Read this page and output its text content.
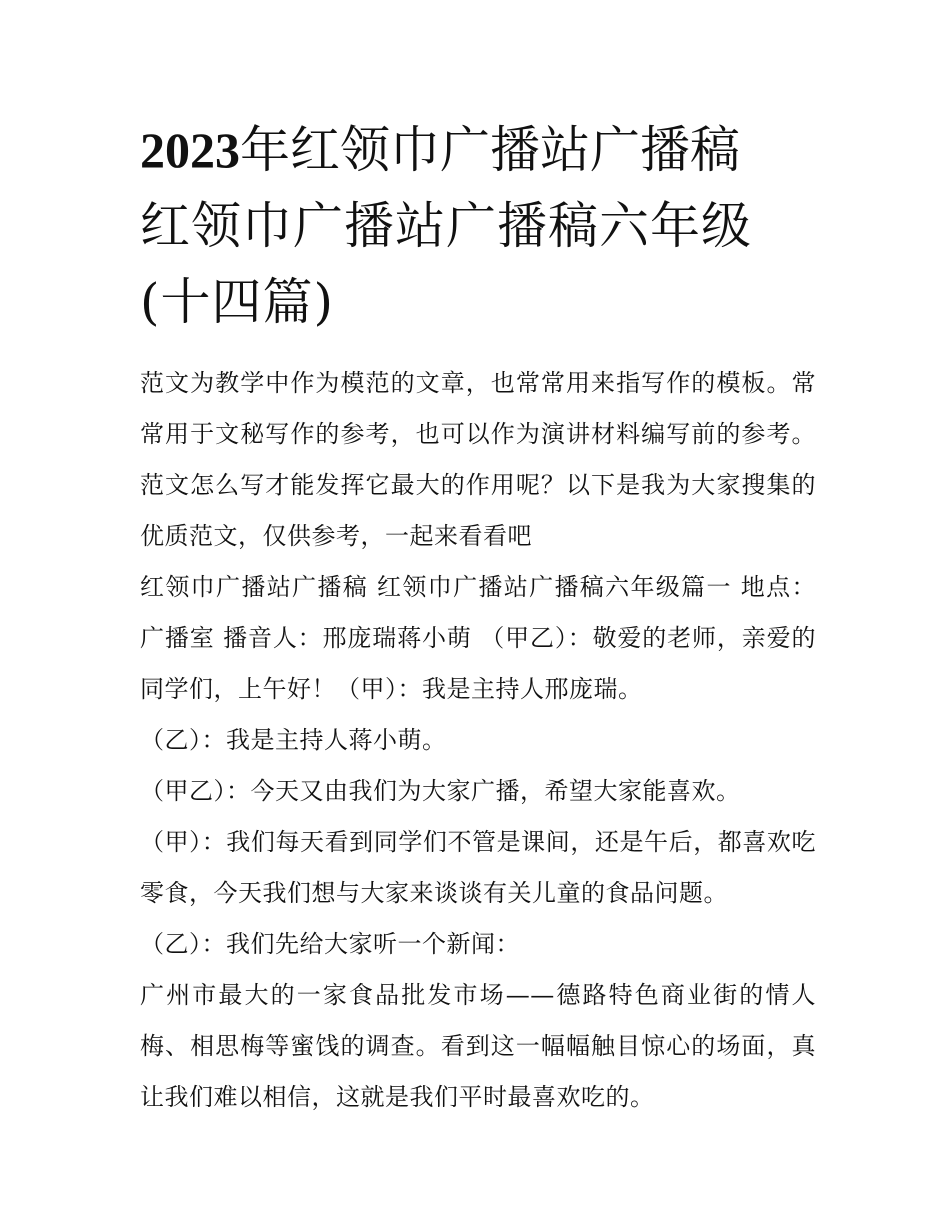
2023年红领巾广播站广播稿

红领巾广播站广播稿六年级(十四篇)

范文为教学中作为模范的文章，也常常用来指写作的模板。常常用于文秘写作的参考，也可以作为演讲材料编写前的参考。范文怎么写才能发挥它最大的作用呢？以下是我为大家搜集的优质范文，仅供参考，一起来看看吧

红领巾广播站广播稿 红领巾广播站广播稿六年级篇一 地点：广播室 播音人：邢庞瑞蒋小萌 （甲乙）：敬爱的老师，亲爱的同学们，上午好！（甲）：我是主持人邢庞瑞。

（乙）：我是主持人蒋小萌。

（甲乙）：今天又由我们为大家广播，希望大家能喜欢。

（甲）：我们每天看到同学们不管是课间，还是午后，都喜欢吃零食，今天我们想与大家来谈谈有关儿童的食品问题。

（乙）：我们先给大家听一个新闻：

广州市最大的一家食品批发市场——德路特色商业街的情人梅、相思梅等蜜饯的调查。看到这一幅幅触目惊心的场面，真让我们难以相信，这就是我们平时最喜欢吃的。
